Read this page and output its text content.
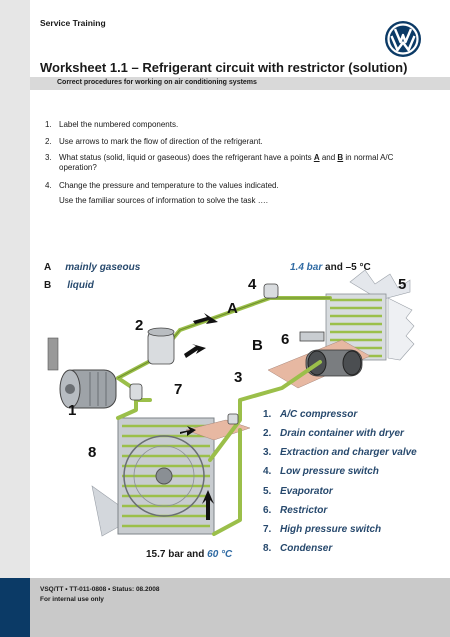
VSQ/TT • TT-011-0808 • Status: 08.2008
For internal use only
Service Training
Worksheet 1.1 – Refrigerant circuit with restrictor (solution)
Correct procedures for working on air conditioning systems
1. Label the numbered components.
2. Use arrows to mark the flow of direction of the refrigerant.
3. What status (solid, liquid or gaseous) does the refrigerant have a points A and B in normal A/C operation?
4. Change the pressure and temperature to the values indicated.
Use the familiar sources of information to solve the task ….
A mainly gaseous
B liquid
1.4 bar and –5 °C
1
2
3
4	5
6
7
8
A
B
1. A/C compressor
2. Drain container with dryer
3. Extraction and charger valve
4. Low pressure switch
5. Evaporator
6. Restrictor
7. High pressure switch
8. Condenser
15.7 bar and 60 °C
